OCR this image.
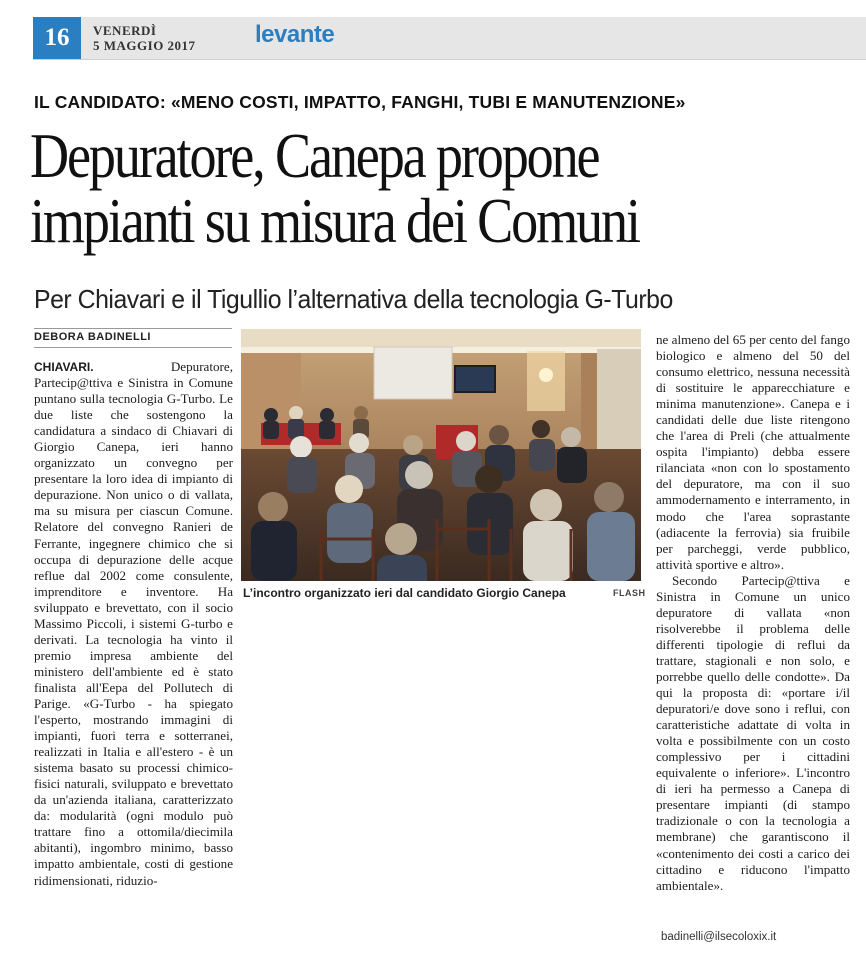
16	VENERDÌ
5 MAGGIO 2017 levante
IL CANDIDATO: «MENO COSTI, IMPATTO, FANGHI, TUBI E MANUTENZIONE»
Depuratore, Canepa propone
impianti su misura dei Comuni
Per Chiavari e il Tigullio l’alternativa della tecnologia G-Turbo
DEBORA BADINELLI

CHIAVARI. Depuratore, Partecip@ttiva e Sinistra in Comune puntano sulla tecnologia G-Turbo. Le due liste che sostengono la candidatura a sindaco di Chiavari di Giorgio Canepa, ieri hanno organizzato un convegno per presentare la loro idea di impianto di depurazione. Non unico o di vallata, ma su misura per ciascun Comune. Relatore del convegno Ranieri de Ferrante, ingegnere chimico che si occupa di depurazione delle acque reflue dal 2002 come consulente, imprenditore e inventore. Ha sviluppato e brevettato, con il socio Massimo Piccoli, i sistemi G-turbo e derivati. La tecnologia ha vinto il premio impresa ambiente del ministero dell'ambiente ed è stato finalista all'Eepa del Pollutech di Parige. «G-Turbo - ha spiegato l'esperto, mostrando immagini di impianti, fuori terra e sotterranei, realizzati in Italia e all'estero - è un sistema basato su processi chimico-fisici naturali, sviluppato e brevettato da un'azienda italiana, caratterizzato da: modularità (ogni modulo può trattare fino a ottomila/diecimila abitanti), ingombro minimo, basso impatto ambientale, costi di gestione ridimensionati, riduzio-

L’incontro organizzato ieri dal candidato Giorgio Canepa	FLASH

ne almeno del 65 per cento del fango biologico e almeno del 50 del consumo elettrico, nessuna necessità di sostituire le apparecchiature e minima manutenzione». Canepa e i candidati delle due liste ritengono che l'area di Preli (che attualmente ospita l'impianto) debba essere rilanciata «non con lo spostamento del depuratore, ma con il suo ammodernamento e interramento, in modo che l'area soprastante (adiacente la ferrovia) sia fruibile per parcheggi, verde pubblico, attività sportive e altro».

Secondo Partecip@ttiva e Sinistra in Comune un unico depuratore di vallata «non risolverebbe il problema delle differenti tipologie di reflui da trattare, stagionali e non solo, e porrebbe quello delle condotte». Da qui la proposta di: «portare i/il depuratori/e dove sono i reflui, con caratteristiche adattate di volta in volta e possibilmente con un costo complessivo per i cittadini equivalente o inferiore». L'incontro di ieri ha permesso a Canepa di presentare impianti (di stampo tradizionale o con la tecnologia a membrane) che garantiscono il «contenimento dei costi a carico dei cittadino e riducono l'impatto ambientale».

badinelli@ilsecoloxix.it
